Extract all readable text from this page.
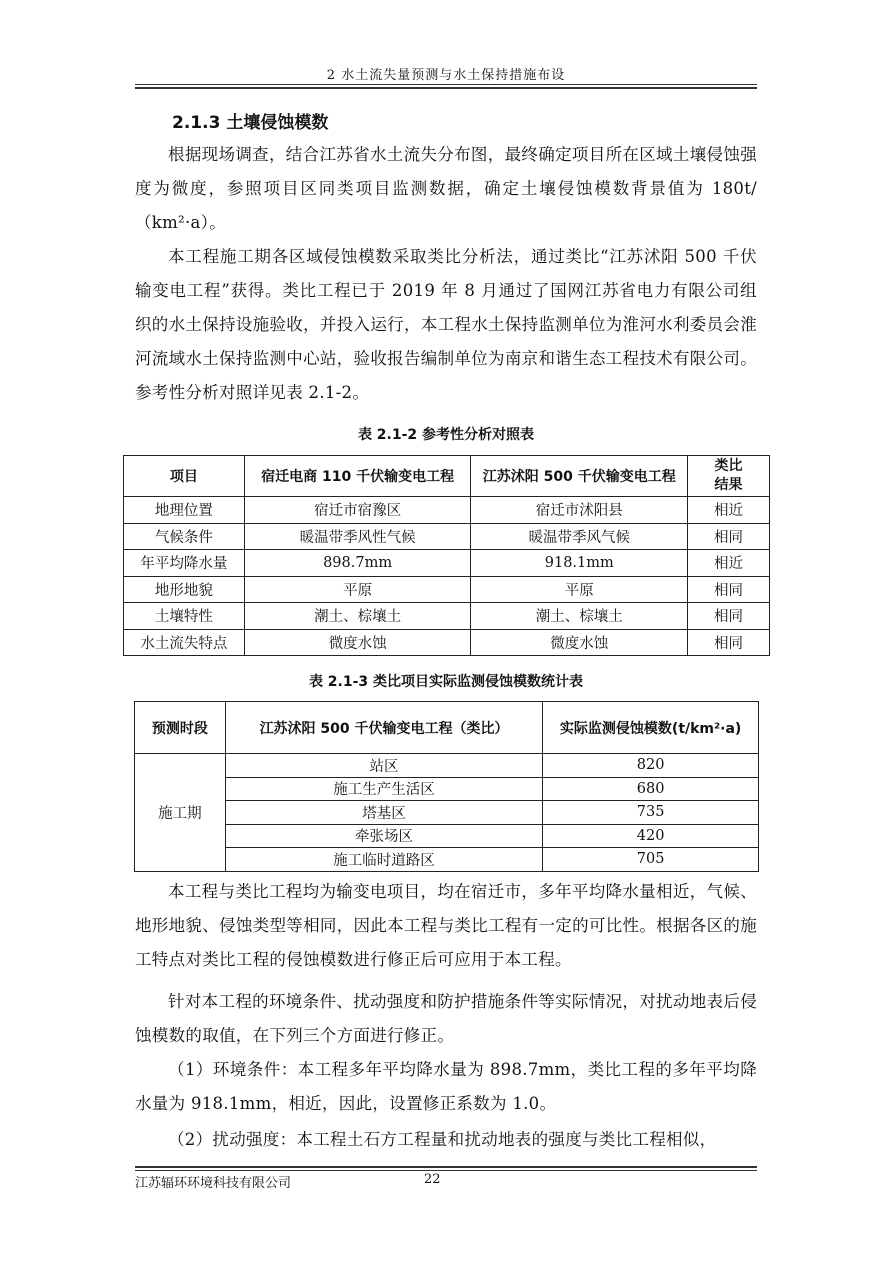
2 水土流失量预测与水土保持措施布设
2.1.3 土壤侵蚀模数
根据现场调查，结合江苏省水土流失分布图，最终确定项目所在区域土壤侵蚀强度为微度，参照项目区同类项目监测数据，确定土壤侵蚀模数背景值为 180t/（km²·a）。
本工程施工期各区域侵蚀模数采取类比分析法，通过类比“江苏沭阳 500 千伏输变电工程”获得。类比工程已于 2019 年 8 月通过了国网江苏省电力有限公司组织的水土保持设施验收，并投入运行，本工程水土保持监测单位为淮河水利委员会淮河流域水土保持监测中心站，验收报告编制单位为南京和谐生态工程技术有限公司。参考性分析对照详见表 2.1-2。
表 2.1-2 参考性分析对照表
项目	宿迁电商 110 千伏输变电工程	江苏沭阳 500 千伏输变电工程	类比
结果
地理位置	宿迁市宿豫区	宿迁市沭阳县	相近
气候条件	暖温带季风性气候	暖温带季风气候	相同
年平均降水量	898.7mm	918.1mm	相近
地形地貌	平原	平原	相同
土壤特性	潮土、棕壤土	潮土、棕壤土	相同
水土流失特点	微度水蚀	微度水蚀	相同
表 2.1-3 类比项目实际监测侵蚀模数统计表
预测时段	江苏沭阳 500 千伏输变电工程（类比）	实际监测侵蚀模数(t/km²·a)
施工期	站区	820
	施工生产生活区	680
	塔基区	735
	牵张场区	420
	施工临时道路区	705
本工程与类比工程均为输变电项目，均在宿迁市，多年平均降水量相近，气候、地形地貌、侵蚀类型等相同，因此本工程与类比工程有一定的可比性。根据各区的施工特点对类比工程的侵蚀模数进行修正后可应用于本工程。
针对本工程的环境条件、扰动强度和防护措施条件等实际情况，对扰动地表后侵蚀模数的取值，在下列三个方面进行修正。
（1）环境条件：本工程多年平均降水量为 898.7mm，类比工程的多年平均降水量为 918.1mm，相近，因此，设置修正系数为 1.0。
（2）扰动强度：本工程土石方工程量和扰动地表的强度与类比工程相似，
江苏辐环环境科技有限公司	22
